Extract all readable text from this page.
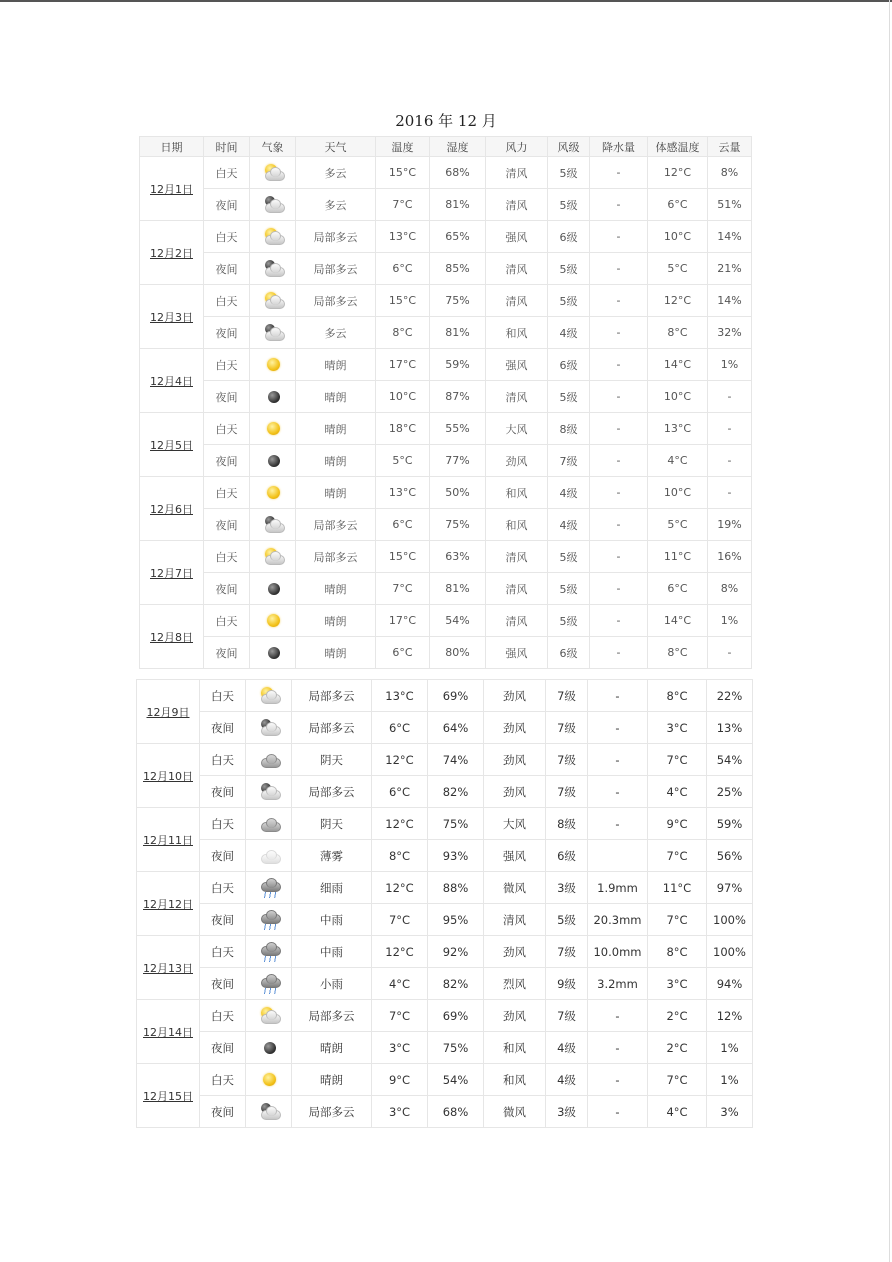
2016 年 12 月
日期	时间	气象	天气	温度	湿度	风力	风级	降水量	体感温度	云量
12月1日	白天		多云	15°C	68%	清风	5级	-	12°C	8%
	夜间		多云	7°C	81%	清风	5级	-	6°C	51%
12月2日	白天		局部多云	13°C	65%	强风	6级	-	10°C	14%
	夜间		局部多云	6°C	85%	清风	5级	-	5°C	21%
12月3日	白天		局部多云	15°C	75%	清风	5级	-	12°C	14%
	夜间		多云	8°C	81%	和风	4级	-	8°C	32%
12月4日	白天		晴朗	17°C	59%	强风	6级	-	14°C	1%
	夜间		晴朗	10°C	87%	清风	5级	-	10°C	-
12月5日	白天		晴朗	18°C	55%	大风	8级	-	13°C	-
	夜间		晴朗	5°C	77%	劲风	7级	-	4°C	-
12月6日	白天		晴朗	13°C	50%	和风	4级	-	10°C	-
	夜间		局部多云	6°C	75%	和风	4级	-	5°C	19%
12月7日	白天		局部多云	15°C	63%	清风	5级	-	11°C	16%
	夜间		晴朗	7°C	81%	清风	5级	-	6°C	8%
12月8日	白天		晴朗	17°C	54%	清风	5级	-	14°C	1%
	夜间		晴朗	6°C	80%	强风	6级	-	8°C	-
12月9日	白天		局部多云	13°C	69%	劲风	7级	-	8°C	22%
	夜间		局部多云	6°C	64%	劲风	7级	-	3°C	13%
12月10日	白天		阴天	12°C	74%	劲风	7级	-	7°C	54%
	夜间		局部多云	6°C	82%	劲风	7级	-	4°C	25%
12月11日	白天		阴天	12°C	75%	大风	8级	-	9°C	59%
	夜间		薄雾	8°C	93%	强风	6级		7°C	56%
12月12日	白天		细雨	12°C	88%	微风	3级	1.9mm	11°C	97%
	夜间		中雨	7°C	95%	清风	5级	20.3mm	7°C	100%
12月13日	白天		中雨	12°C	92%	劲风	7级	10.0mm	8°C	100%
	夜间		小雨	4°C	82%	烈风	9级	3.2mm	3°C	94%
12月14日	白天		局部多云	7°C	69%	劲风	7级	-	2°C	12%
	夜间		晴朗	3°C	75%	和风	4级	-	2°C	1%
12月15日	白天		晴朗	9°C	54%	和风	4级	-	7°C	1%
	夜间		局部多云	3°C	68%	微风	3级	-	4°C	3%
